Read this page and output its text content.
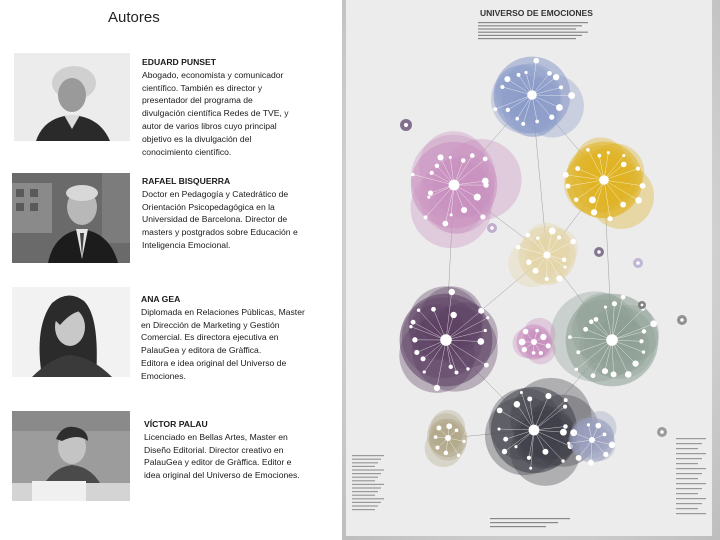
Autores
EDUARD PUNSET
Abogado, economista y comunicador
científico. También es director y
presentador del programa de
divulgación científica Redes de TVE, y
autor de varios libros cuyo principal
objetivo es la divulgación del
conocimiento científico.
RAFAEL BISQUERRA
Doctor en Pedagogía y Catedrático de
Orientación Psicopedagógica en la
Universidad de Barcelona. Director de
masters y postgrados sobre Educación e
Inteligencia Emocional.
ANA GEA
Diplomada en Relaciones Públicas, Master
en Dirección de Marketing y Gestión
Comercial. Es directora ejecutiva en
PalauGea y editora de Gràffica.
Editora e idea original del Universo de
Emociones.
VÍCTOR PALAU
Licenciado en Bellas Artes, Master en
Diseño Editorial. Director creativo en
PalauGea y editor de Gràffica. Editor e
idea original del Universo de Emociones.
UNIVERSO DE EMOCIONES
